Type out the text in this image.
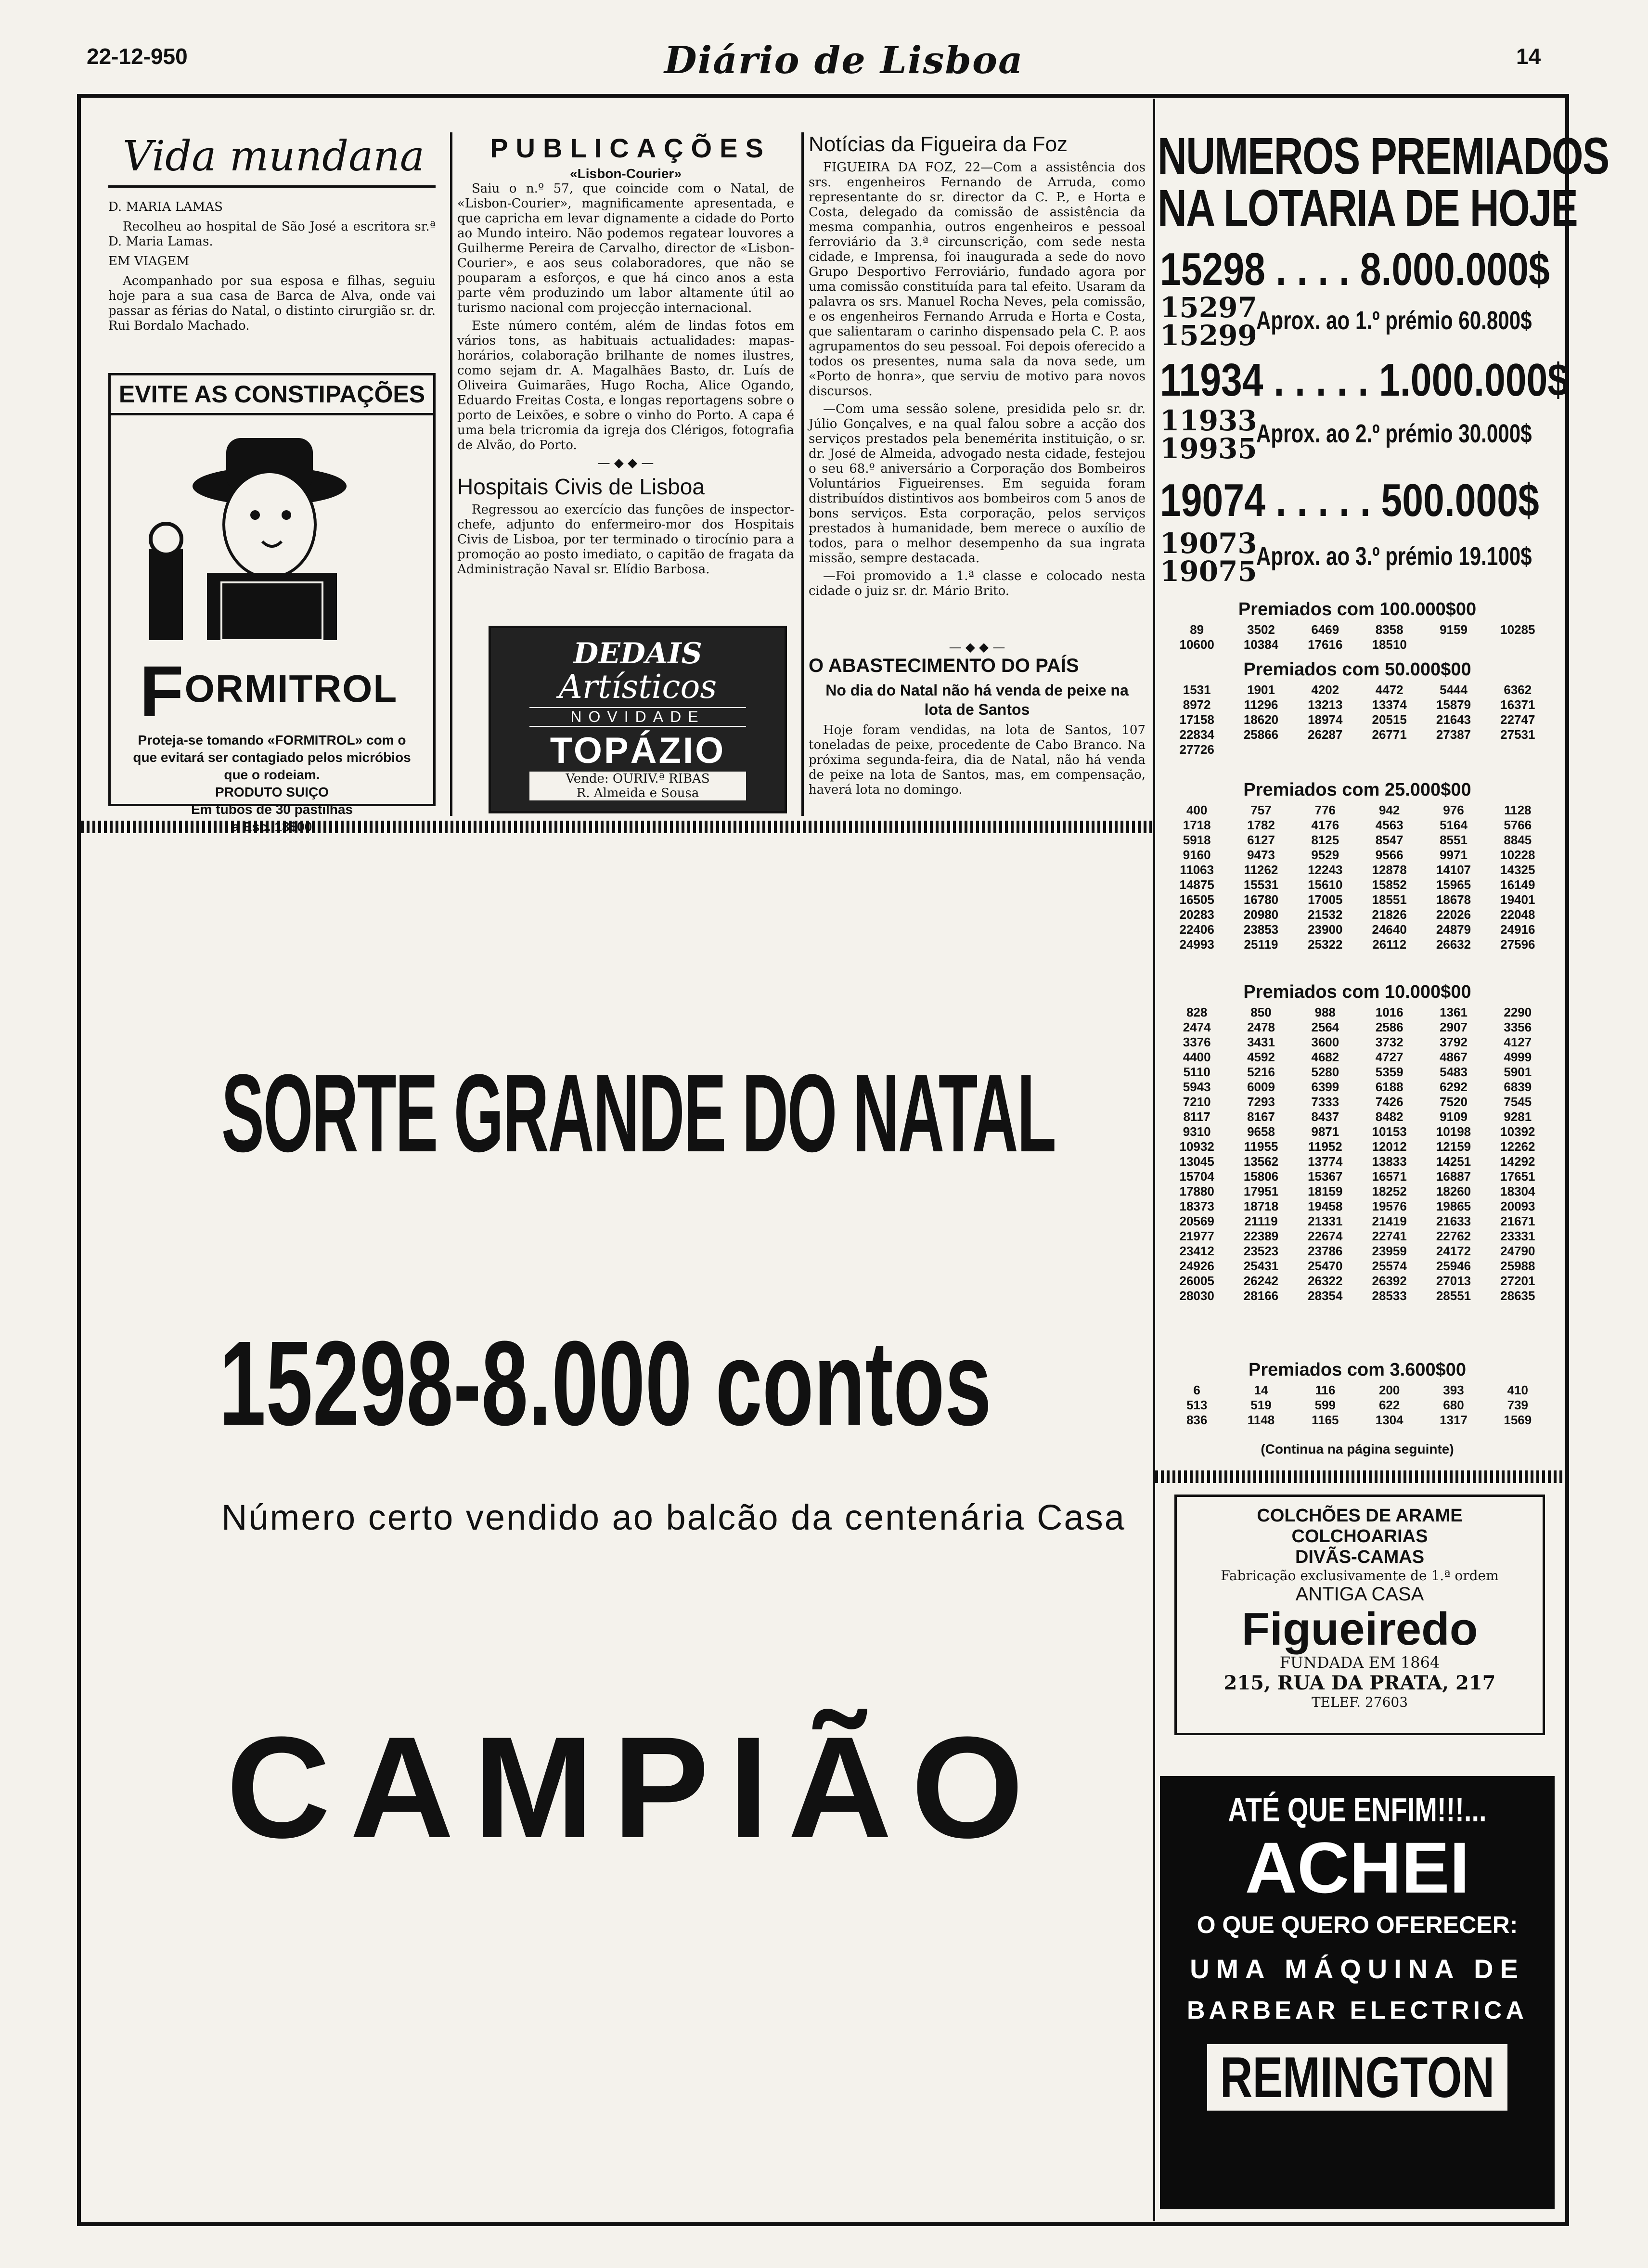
22-12-950	Diário de Lisboa	14
Vida mundana
D. MARIA LAMAS

Recolheu ao hospital de São José a escritora sr.ª D. Maria Lamas.

EM VIAGEM

Acompanhado por sua esposa e filhas, seguiu hoje para a sua casa de Barca de Alva, onde vai passar as férias do Natal, o distinto cirurgião sr. dr. Rui Bordalo Machado.

EVITE AS CONSTIPAÇÕES
FORMITROL
Proteja-se tomando «FORMITROL» com o que evitará ser contagiado pelos micróbios que o rodeiam.
PRODUTO SUIÇO
Em tubos de 30 pastilhas
a Esc. 13$00
PUBLICAÇÕES
«Lisbon-Courier»

Saiu o n.º 57, que coincide com o Natal, de «Lisbon-Courier», magnificamente apresentada, e que capricha em levar dignamente a cidade do Porto ao Mundo inteiro. Não podemos regatear louvores a Guilherme Pereira de Carvalho, director de «Lisbon-Courier», e aos seus colaboradores, que não se pouparam a esforços, e que há cinco anos a esta parte vêm produzindo um labor altamente útil ao turismo nacional com projecção internacional.

Este número contém, além de lindas fotos em vários tons, as habituais actualidades: mapas-horários, colaboração brilhante de nomes ilustres, como sejam dr. A. Magalhães Basto, dr. Luís de Oliveira Guimarães, Hugo Rocha, Alice Ogando, Eduardo Freitas Costa, e longas reportagens sobre o porto de Leixões, e sobre o vinho do Porto. A capa é uma bela tricromia da igreja dos Clérigos, fotografia de Alvão, do Porto.

— ◆ ◆ —
Hospitais Civis de Lisboa

Regressou ao exercício das funções de inspector-chefe, adjunto do enfermeiro-mor dos Hospitais Civis de Lisboa, por ter terminado o tirocínio para a promoção ao posto imediato, o capitão de fragata da Administração Naval sr. Elídio Barbosa.

DEDAIS
Artísticos
NOVIDADE
TOPÁZIO
Vende: OURIV.ª RIBAS
R. Almeida e Sousa
Notícias da Figueira da Foz

FIGUEIRA DA FOZ, 22—Com a assistência dos srs. engenheiros Fernando de Arruda, como representante do sr. director da C. P., e Horta e Costa, delegado da comissão de assistência da mesma companhia, outros engenheiros e pessoal ferroviário da 3.ª circunscrição, com sede nesta cidade, e Imprensa, foi inaugurada a sede do novo Grupo Desportivo Ferroviário, fundado agora por uma comissão constituída para tal efeito. Usaram da palavra os srs. Manuel Rocha Neves, pela comissão, e os engenheiros Fernando Arruda e Horta e Costa, que salientaram o carinho dispensado pela C. P. aos agrupamentos do seu pessoal. Foi depois oferecido a todos os presentes, numa sala da nova sede, um «Porto de honra», que serviu de motivo para novos discursos.

—Com uma sessão solene, presidida pelo sr. dr. Júlio Gonçalves, e na qual falou sobre a acção dos serviços prestados pela benemérita instituição, o sr. dr. José de Almeida, advogado nesta cidade, festejou o seu 68.º aniversário a Corporação dos Bombeiros Voluntários Figueirenses. Em seguida foram distribuídos distintivos aos bombeiros com 5 anos de bons serviços. Esta corporação, pelos serviços prestados à humanidade, bem merece o auxílio de todos, para o melhor desempenho da sua ingrata missão, sempre destacada.

—Foi promovido a 1.ª classe e colocado nesta cidade o juiz sr. dr. Mário Brito.

— ◆ ◆ —
O ABASTECIMENTO DO PAÍS
No dia do Natal não há venda de peixe na lota de Santos

Hoje foram vendidas, na lota de Santos, 107 toneladas de peixe, procedente de Cabo Branco. Na próxima segunda-feira, dia de Natal, não há venda de peixe na lota de Santos, mas, em compensação, haverá lota no domingo.

NUMEROS PREMIADOS
NA LOTARIA DE HOJE
15298 . . . . 8.000.000$
15297
15299
Aprox. ao 1.º prémio 60.800$
11934 . . . . . 1.000.000$
11933
19935
Aprox. ao 2.º prémio 30.000$
19074 . . . . . 500.000$
19073
19075
Aprox. ao 3.º prémio 19.100$
Premiados com 100.000$00
89	3502	6469	8358	9159	10285
10600	10384	17616	18510
Premiados com 50.000$00
1531	1901	4202	4472	5444	6362
8972	11296	13213	13374	15879	16371
17158	18620	18974	20515	21643	22747
22834	25866	26287	26771	27387	27531
27726
Premiados com 25.000$00
400	757	776	942	976	1128
1718	1782	4176	4563	5164	5766
5918	6127	8125	8547	8551	8845
9160	9473	9529	9566	9971	10228
11063	11262	12243	12878	14107	14325
14875	15531	15610	15852	15965	16149
16505	16780	17005	18551	18678	19401
20283	20980	21532	21826	22026	22048
22406	23853	23900	24640	24879	24916
24993	25119	25322	26112	26632	27596
Premiados com 10.000$00
828	850	988	1016	1361	2290
2474	2478	2564	2586	2907	3356
3376	3431	3600	3732	3792	4127
4400	4592	4682	4727	4867	4999
5110	5216	5280	5359	5483	5901
5943	6009	6399	6188	6292	6839
7210	7293	7333	7426	7520	7545
8117	8167	8437	8482	9109	9281
9310	9658	9871	10153	10198	10392
10932	11955	11952	12012	12159	12262
13045	13562	13774	13833	14251	14292
15704	15806	15367	16571	16887	17651
17880	17951	18159	18252	18260	18304
18373	18718	19458	19576	19865	20093
20569	21119	21331	21419	21633	21671
21977	22389	22674	22741	22762	23331
23412	23523	23786	23959	24172	24790
24926	25431	25470	25574	25946	25988
26005	26242	26322	26392	27013	27201
28030	28166	28354	28533	28551	28635
Premiados com 3.600$00
6	14	116	200	393	410
513	519	599	622	680	739
836	1148	1165	1304	1317	1569
(Continua na página seguinte)
COLCHÕES DE ARAME
COLCHOARIAS
DIVÃS-CAMAS
Fabricação exclusivamente de 1.ª ordem
ANTIGA CASA
Figueiredo
FUNDADA EM 1864
215, RUA DA PRATA, 217
TELEF. 27603
ATÉ QUE ENFIM!!!...
ACHEI
O QUE QUERO OFERECER:
UMA MÁQUINA DE
BARBEAR ELECTRICA
REMINGTON
SORTE GRANDE DO NATAL
15298-8.000 contos
Número certo vendido ao balcão da centenária Casa
CAMPIÃO
